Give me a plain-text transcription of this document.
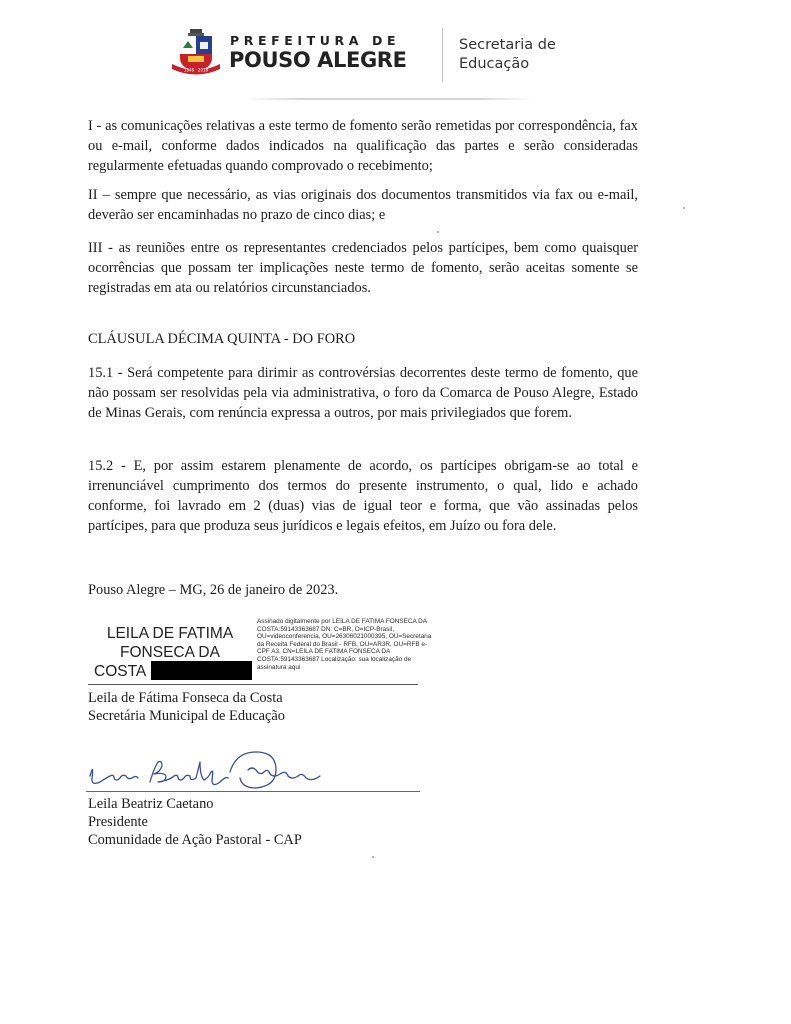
1848 · 2018
PREFEITURA DE
POUSO ALEGRE
Secretaria de
Educação

I - as comunicações relativas a este termo de fomento serão remetidas por correspondência, fax ou e-mail, conforme dados indicados na qualificação das partes e serão consideradas regularmente efetuadas quando comprovado o recebimento;

II – sempre que necessário, as vias originais dos documentos transmitidos via fax ou e-mail, deverão ser encaminhadas no prazo de cinco dias; e

III - as reuniões entre os representantes credenciados pelos partícipes, bem como quaisquer ocorrências que possam ter implicações neste termo de fomento, serão aceitas somente se registradas em ata ou relatórios circunstanciados.

CLÁUSULA DÉCIMA QUINTA - DO FORO

15.1 - Será competente para dirimir as controvérsias decorrentes deste termo de fomento, que não possam ser resolvidas pela via administrativa, o foro da Comarca de Pouso Alegre, Estado de Minas Gerais, com renúncia expressa a outros, por mais privilegiados que forem.

15.2 - E, por assim estarem plenamente de acordo, os partícipes obrigam-se ao total e irrenunciável cumprimento dos termos do presente instrumento, o qual, lido e achado conforme, foi lavrado em 2 (duas) vias de igual teor e forma, que vão assinadas pelos partícipes, para que produza seus jurídicos e legais efeitos, em Juízo ou fora dele.

Pouso Alegre – MG, 26 de janeiro de 2023.

LEILA DE FATIMA
FONSECA DA

COSTA
Assinado digitalmente por LEILA DE FATIMA FONSECA DA COSTA:59143363687 DN: C=BR, O=ICP-Brasil, OU=videoconferencia, OU=26306021000395, OU=Secretaria da Receita Federal do Brasil - RFB, OU=AR3R, OU=RFB e-CPF A3, CN=LEILA DE FATIMA FONSECA DA COSTA:59143363687 Localização: sua localização de assinatura aqui

Leila de Fátima Fonseca da Costa

Secretária Municipal de Educação

Leila Beatriz Caetano

Presidente

Comunidade de Ação Pastoral - CAP
